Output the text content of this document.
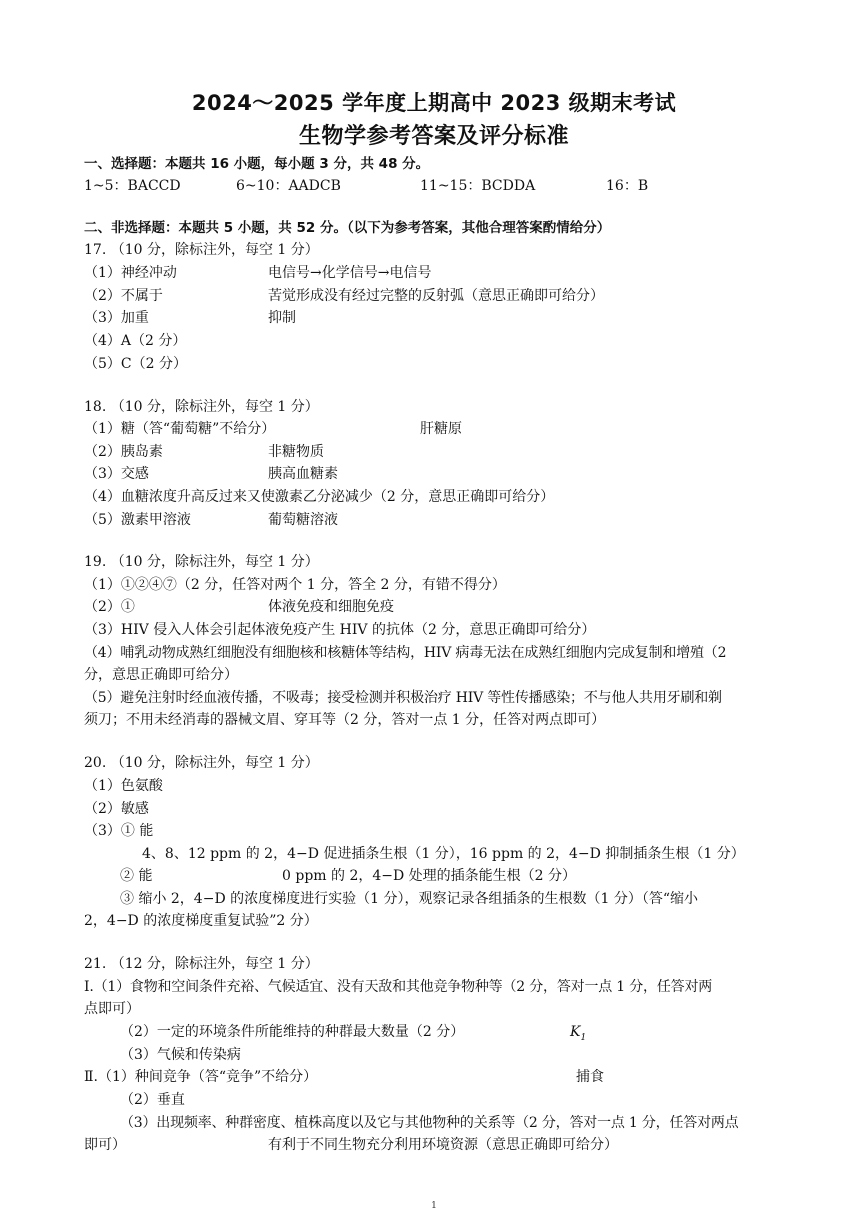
2024～2025 学年度上期高中 2023 级期末考试
生物学参考答案及评分标准
一、选择题：本题共 16 小题，每小题 3 分，共 48 分。
1~5：BACCD	6~10：AADCB	11~15：BCDDA	16：B
二、非选择题：本题共 5 小题，共 52 分。（以下为参考答案，其他合理答案酌情给分）
17. （10 分，除标注外，每空 1 分）
（1）神经冲动	电信号→化学信号→电信号
（2）不属于	苦觉形成没有经过完整的反射弧（意思正确即可给分）
（3）加重	抑制
（4）A（2 分）
（5）C（2 分）
18. （10 分，除标注外，每空 1 分）
（1）糖（答“葡萄糖”不给分）	肝糖原
（2）胰岛素	非糖物质
（3）交感	胰高血糖素
（4）血糖浓度升高反过来又使激素乙分泌减少（2 分，意思正确即可给分）
（5）激素甲溶液	葡萄糖溶液
19. （10 分，除标注外，每空 1 分）
（1）①②④⑦（2 分，任答对两个 1 分，答全 2 分，有错不得分）
（2）①	体液免疫和细胞免疫
（3）HIV 侵入人体会引起体液免疫产生 HIV 的抗体（2 分，意思正确即可给分）
（4）哺乳动物成熟红细胞没有细胞核和核糖体等结构，HIV 病毒无法在成熟红细胞内完成复制和增殖（2
分，意思正确即可给分）
（5）避免注射时经血液传播，不吸毒；接受检测并积极治疗 HIV 等性传播感染；不与他人共用牙刷和剃
须刀；不用未经消毒的器械文眉、穿耳等（2 分，答对一点 1 分，任答对两点即可）
20. （10 分，除标注外，每空 1 分）
（1）色氨酸
（2）敏感
（3）① 能
4、8、12 ppm 的 2，4−D 促进插条生根（1 分），16 ppm 的 2，4−D 抑制插条生根（1 分）
② 能	0 ppm 的 2，4−D 处理的插条能生根（2 分）
③ 缩小 2，4−D 的浓度梯度进行实验（1 分），观察记录各组插条的生根数（1 分）（答“缩小
2，4−D 的浓度梯度重复试验”2 分）
21. （12 分，除标注外，每空 1 分）
Ⅰ.（1）食物和空间条件充裕、气候适宜、没有天敌和其他竞争物种等（2 分，答对一点 1 分，任答对两
点即可）
（2）一定的环境条件所能维持的种群最大数量（2 分）	$K_1$
（3）气候和传染病
Ⅱ.（1）种间竞争（答“竞争”不给分）	捕食
（2）垂直
（3）出现频率、种群密度、植株高度以及它与其他物种的关系等（2 分，答对一点 1 分，任答对两点
即可）	有利于不同生物充分利用环境资源（意思正确即可给分）
1
